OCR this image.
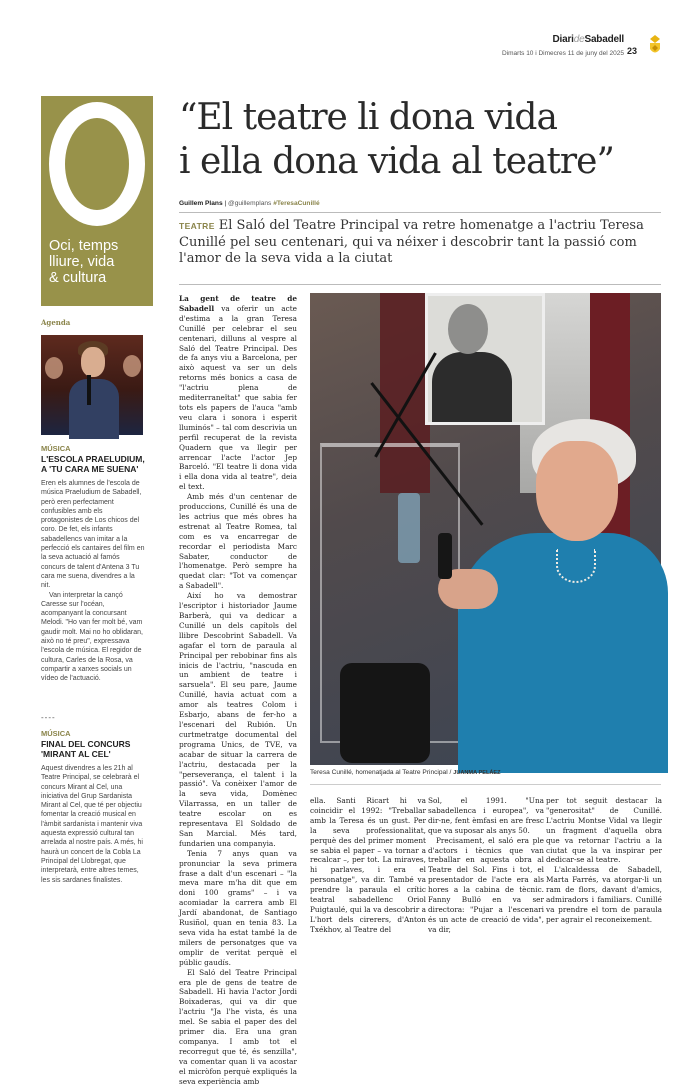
DiarideSabadell
Dimarts 10 i Dimecres 11 de juny del 2025 23
Oci, temps
lliure, vida
& cultura
Agenda
MÚSICA
L'ESCOLA PRAELUDIUM, A 'TU CARA ME SUENA'

Eren els alumnes de l'escola de música Praeludium de Sabadell, però eren perfectament confusibles amb els protagonistes de Los chicos del coro. De fet, els infants sabadellencs van imitar a la perfecció els cantaires del film en la seva actuació al famós concurs de talent d'Antena 3 Tu cara me suena, divendres a la nit.

Van interpretar la cançó Caresse sur l'océan, acompanyant la concursant Melodi. "Ho van fer molt bé, vam gaudir molt. Mai no ho oblidaran, això no té preu", expressava l'escola de música. El regidor de cultura, Carles de la Rosa, va compartir a xarxes socials un vídeo de l'actuació.

----
MÚSICA
FINAL DEL CONCURS 'MIRANT AL CEL'

Aquest divendres a les 21h al Teatre Principal, se celebrarà el concurs Mirant al Cel, una iniciativa del Grup Sardanista Mirant al Cel, que té per objectiu fomentar la creació musical en l'àmbit sardanista i mantenir viva aquesta expressió cultural tan arrelada al nostre país. A més, hi haurà un concert de la Cobla La Principal del Llobregat, que interpretarà, entre altres temes, les sis sardanes finalistes.

“El teatre li dona vida
i ella dona vida al teatre”
Guillem Plans | @guillemplans #TeresaCuniIlé
TEATRE El Saló del Teatre Principal va retre homenatge a l'actriu Teresa Cunillé pel seu centenari, qui va néixer i descobrir tant la passió com l'amor de la seva vida a la ciutat

La gent de teatre de Sabadell va oferir un acte d'estima a la gran Teresa Cunillé per celebrar el seu centenari, dilluns al vespre al Saló del Teatre Principal. Des de fa anys viu a Barcelona, per això aquest va ser un dels retorns més bonics a casa de "l'actriu plena de mediterraneïtat" que sabia fer tots els papers de l'auca "amb veu clara i sonora i esperit lluminós" – tal com descrivia un perfil recuperat de la revista Quadern que va llegir per arrencar l'acte l'actor Jep Barceló. "El teatre li dona vida i ella dona vida al teatre", deia el text.

Amb més d'un centenar de produccions, Cunillé és una de les actrius que més obres ha estrenat al Teatre Romea, tal com es va encarregar de recordar el periodista Marc Sabater, conductor de l'homenatge. Però sempre ha quedat clar: "Tot va començar a Sabadell".

Així ho va demostrar l'escriptor i historiador Jaume Barberà, qui va dedicar a Cunillé un dels capítols del llibre Descobrint Sabadell. Va agafar el torn de paraula al Principal per rebobinar fins als inicis de l'actriu, "nascuda en un ambient de teatre i sarsuela". El seu pare, Jaume Cunillé, havia actuat com a amor als teatres Colom i Esbarjo, abans de fer-ho a l'escenari del Rubión. Un curtmetratge documental del programa Unics, de TVE, va acabar de situar la carrera de l'actriu, destacada per la "perseverança, el talent i la passió". Va conèixer l'amor de la seva vida, Domènec Vilarrassa, en un taller de teatre escolar on es representava El Soldado de San Marcial. Més tard, fundarien una companyia.

Tenia 7 anys quan va pronunciar la seva primera frase a dalt d'un escenari – "la meva mare m'ha dit que em doni 100 grams" – i va acomiadar la carrera amb El Jardí abandonat, de Santiago Rusiñol, quan en tenia 83. La seva vida ha estat també la de milers de personatges que va omplir de veritat perquè el públic gaudís.

El Saló del Teatre Principal era ple de gens de teatre de Sabadell. Hi havia l'actor Jordi Boixaderas, qui va dir que l'actriu "Ja l'he vista, és una mel. Se sabia el paper des del primer dia. Era una gran companya. I amb tot el recorregut que té, és senzilla", va comentar quan li va acostar el micròfon perquè expliqués la seva experiència amb

Teresa Cunillé, homenatjada al Teatre Principal / JUANMA PELÁEZ

ella. Santi Ricart hi va coincidir el 1992: "Treballar amb la Teresa és un gust. Per la seva professionalitat, perquè des del primer moment se sabia el paper – va tornar a recalcar –, per tot. La miraves, hi parlaves, i era el personatge", va dir. També va prendre la paraula el crític teatral sabadellenc Oriol Puigtaulé, qui la va descobrir a L'hort dels cirerers, d'Anton Txékhov, al Teatre del

Sol, el 1991. "Una sabadellenca i europea", va dir-ne, fent èmfasi en are fresc que va suposar als anys 50.

Precisament, el saló era ple d'actors i tècnics que van treballar en aquesta obra al Teatre del Sol. Fins i tot, el presentador de l'acte era als hores a la cabina de tècnic. Fanny Bulló en va ser directora: "Pujar a l'escenari és un acte de creació de vida", va dir,

per tot seguit destacar la "generositat" de Cunillé. L'actriu Montse Vidal va llegir un fragment d'aquella obra que va retornar l'actriu a la ciutat que la va inspirar per dedicar-se al teatre.

L'alcaldessa de Sabadell, Marta Farrés, va atorgar-li un ram de flors, davant d'amics, admiradors i familiars. Cunillé va prendre el torn de paraula per agrair el reconeixement.
